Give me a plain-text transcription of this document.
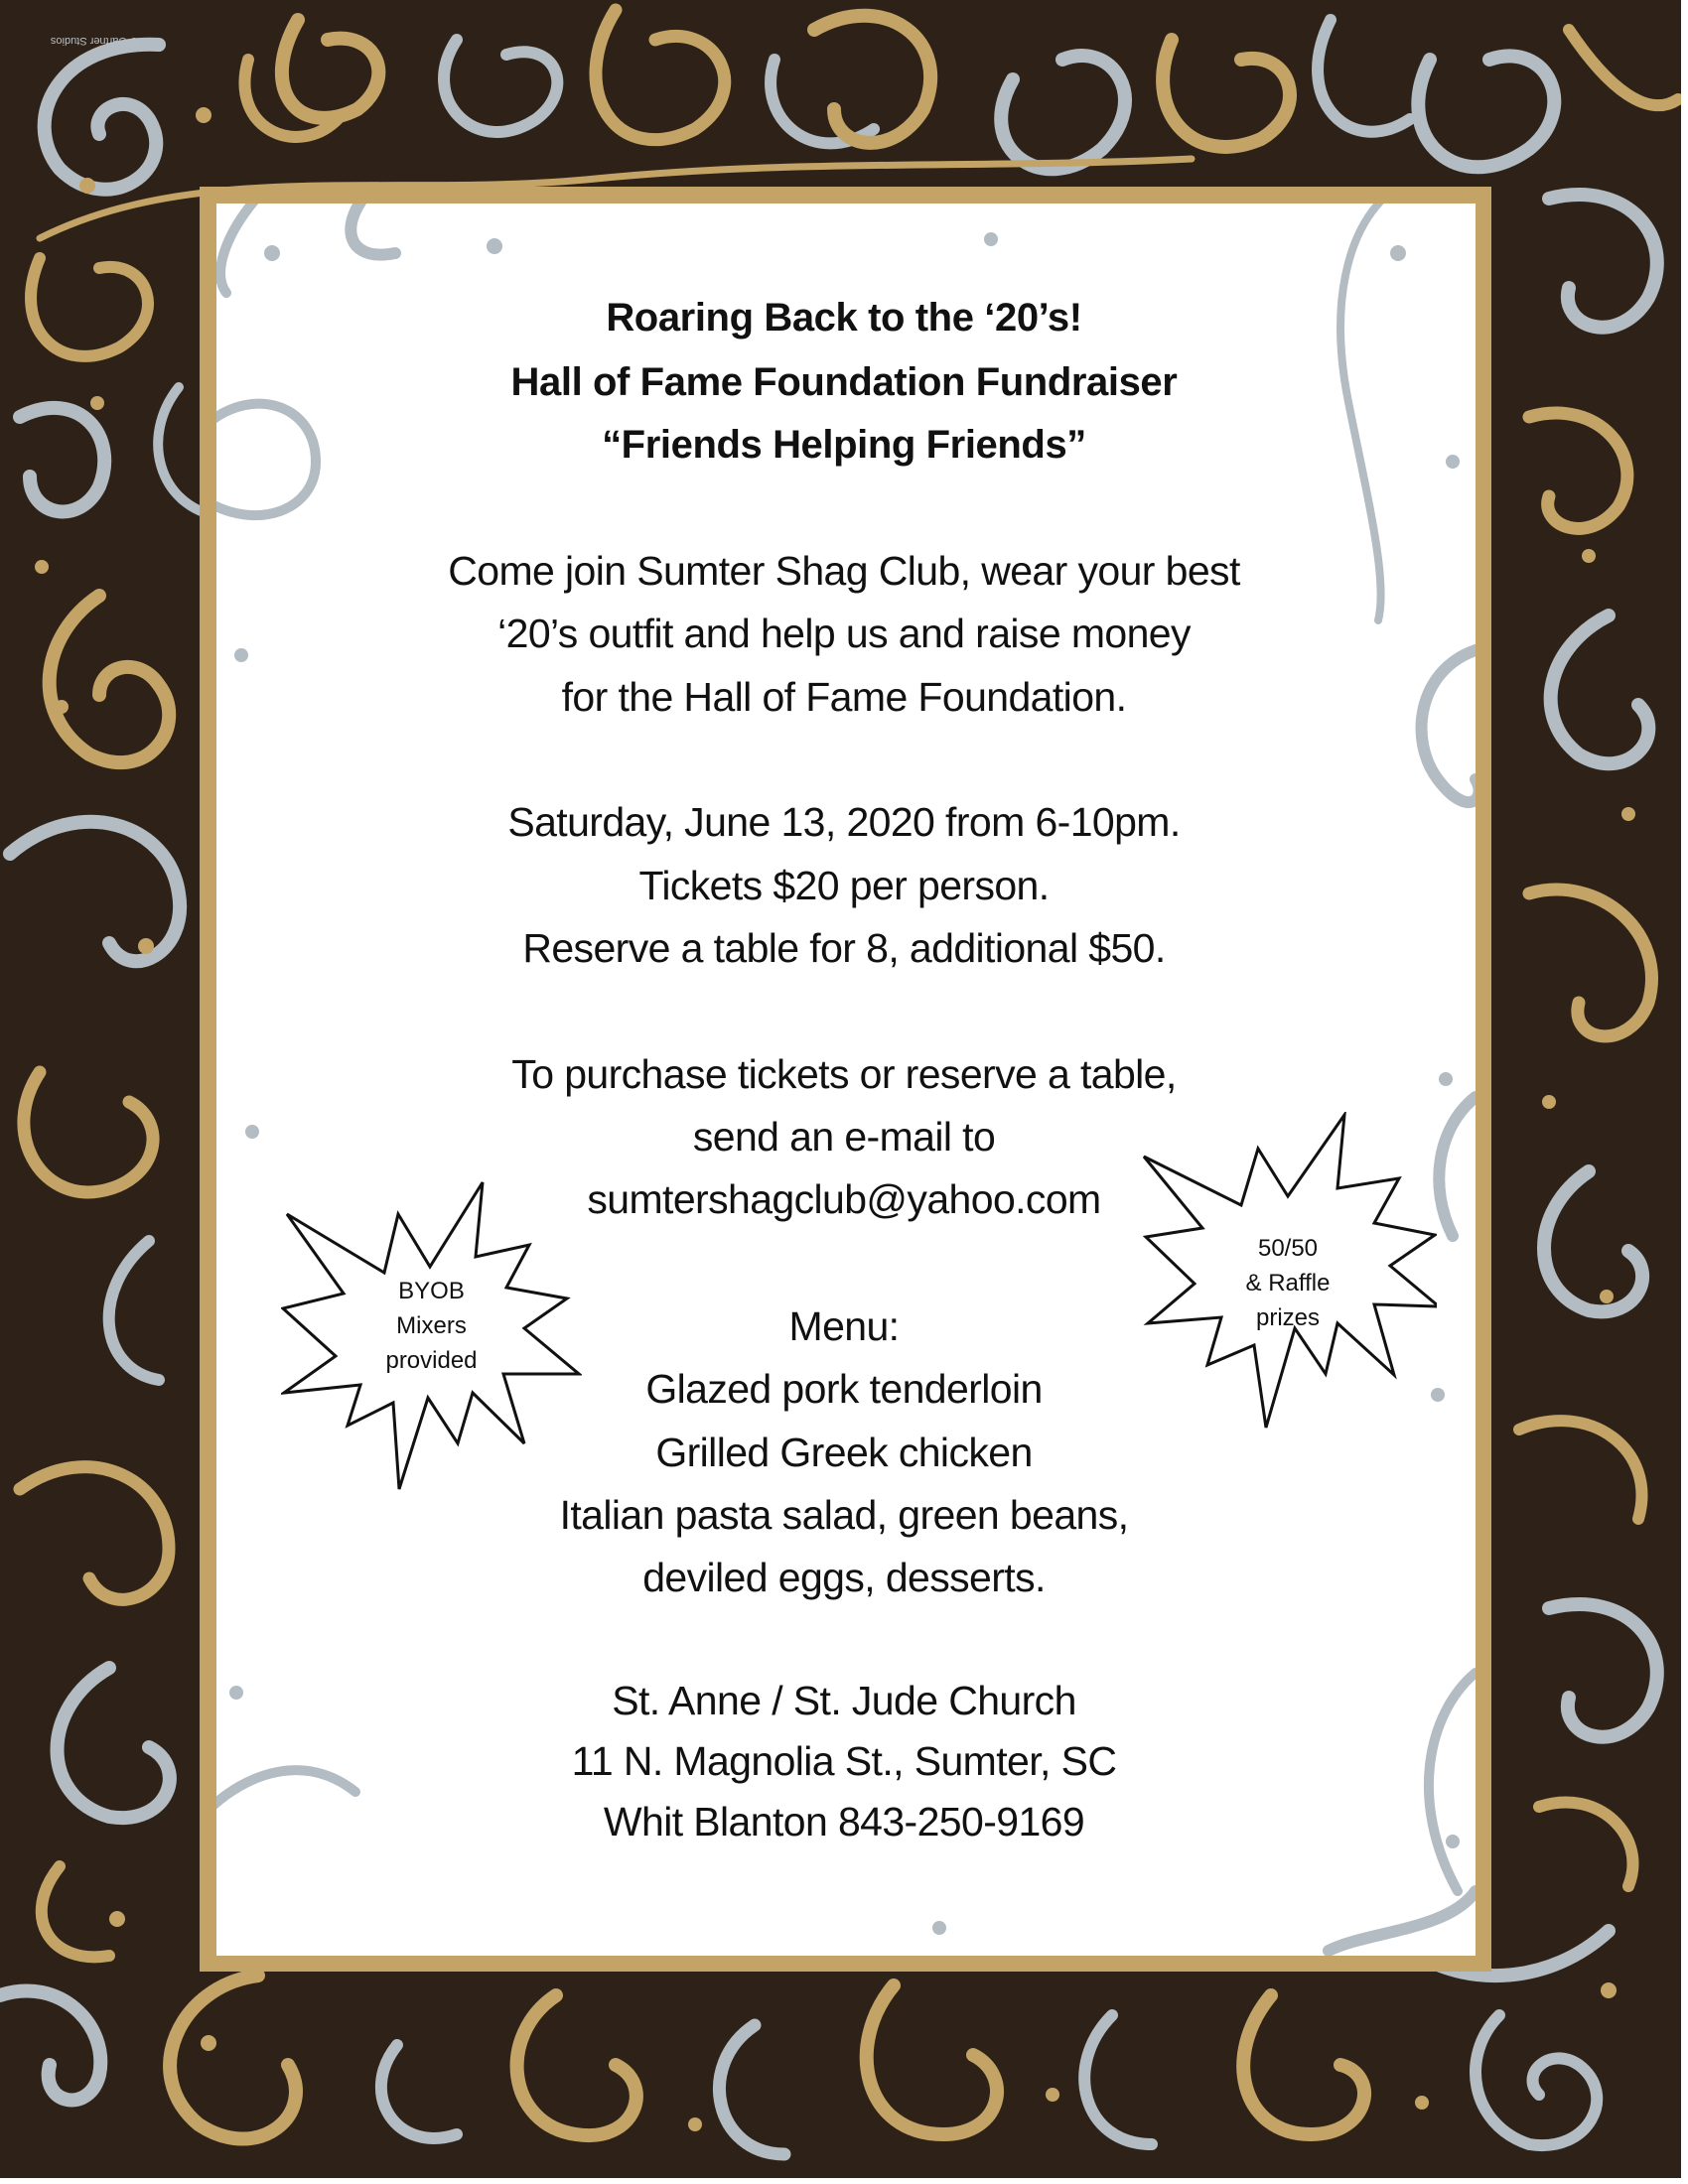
© Gartner Studios
Roaring Back to the ‘20’s!
Hall of Fame Foundation Fundraiser
“Friends Helping Friends”
Come join Sumter Shag Club, wear your best
‘20’s outfit and help us and raise money
for the Hall of Fame Foundation.
Saturday, June 13, 2020 from 6-10pm.
Tickets $20 per person.
Reserve a table for 8, additional $50.
To purchase tickets or reserve a table,
send an e-mail to
sumtershagclub@yahoo.com
Menu:
Glazed pork tenderloin
Grilled Greek chicken
Italian pasta salad, green beans,
deviled eggs, desserts.
St. Anne / St. Jude Church
11 N. Magnolia St., Sumter, SC
Whit Blanton 843-250-9169
BYOB
Mixers
provided
50/50
& Raffle
prizes
